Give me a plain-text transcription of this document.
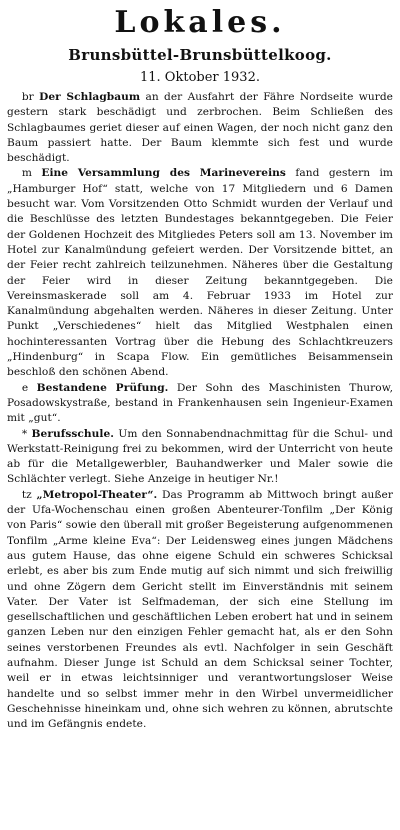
Lokales.
Brunsbüttel-Brunsbüttelkoog.
11. Oktober 1932.

br Der Schlagbaum an der Ausfahrt der Fähre Nordseite wurde gestern stark beschädigt und zerbrochen. Beim Schließen des Schlagbaumes geriet dieser auf einen Wagen, der noch nicht ganz den Baum passiert hatte. Der Baum klemmte sich fest und wurde beschädigt.

m Eine Versammlung des Marinevereins fand gestern im „Hamburger Hof“ statt, welche von 17 Mitgliedern und 6 Damen besucht war. Vom Vorsitzenden Otto Schmidt wurden der Verlauf und die Beschlüsse des letzten Bundestages bekanntgegeben. Die Feier der Goldenen Hochzeit des Mitgliedes Peters soll am 13. November im Hotel zur Kanalmündung gefeiert werden. Der Vorsitzende bittet, an der Feier recht zahlreich teilzunehmen. Näheres über die Gestaltung der Feier wird in dieser Zeitung bekanntgegeben. Die Vereinsmaskerade soll am 4. Februar 1933 im Hotel zur Kanalmündung abgehalten werden. Näheres in dieser Zeitung. Unter Punkt „Verschiedenes“ hielt das Mitglied Westphalen einen hochinteressanten Vortrag über die Hebung des Schlachtkreuzers „Hindenburg“ in Scapa Flow. Ein gemütliches Beisammensein beschloß den schönen Abend.

e Bestandene Prüfung. Der Sohn des Maschinisten Thurow, Posadowskystraße, bestand in Frankenhausen sein Ingenieur-Examen mit „gut“.

* Berufsschule. Um den Sonnabendnachmittag für die Schul- und Werkstatt-Reinigung frei zu bekommen, wird der Unterricht von heute ab für die Metallgewerbler, Bauhandwerker und Maler sowie die Schlächter verlegt. Siehe Anzeige in heutiger Nr.!

tz „Metropol-Theater“. Das Programm ab Mittwoch bringt außer der Ufa-Wochenschau einen großen Abenteurer-Tonfilm „Der König von Paris“ sowie den überall mit großer Begeisterung aufgenommenen Tonfilm „Arme kleine Eva“: Der Leidensweg eines jungen Mädchens aus gutem Hause, das ohne eigene Schuld ein schweres Schicksal erlebt, es aber bis zum Ende mutig auf sich nimmt und sich freiwillig und ohne Zögern dem Gericht stellt im Einverständnis mit seinem Vater. Der Vater ist Selfmademan, der sich eine Stellung im gesellschaftlichen und geschäftlichen Leben erobert hat und in seinem ganzen Leben nur den einzigen Fehler gemacht hat, als er den Sohn seines verstorbenen Freundes als evtl. Nachfolger in sein Geschäft aufnahm. Dieser Junge ist Schuld an dem Schicksal seiner Tochter, weil er in etwas leichtsinniger und verantwortungsloser Weise handelte und so selbst immer mehr in den Wirbel unvermeidlicher Geschehnisse hineinkam und, ohne sich wehren zu können, abrutschte und im Gefängnis endete.
